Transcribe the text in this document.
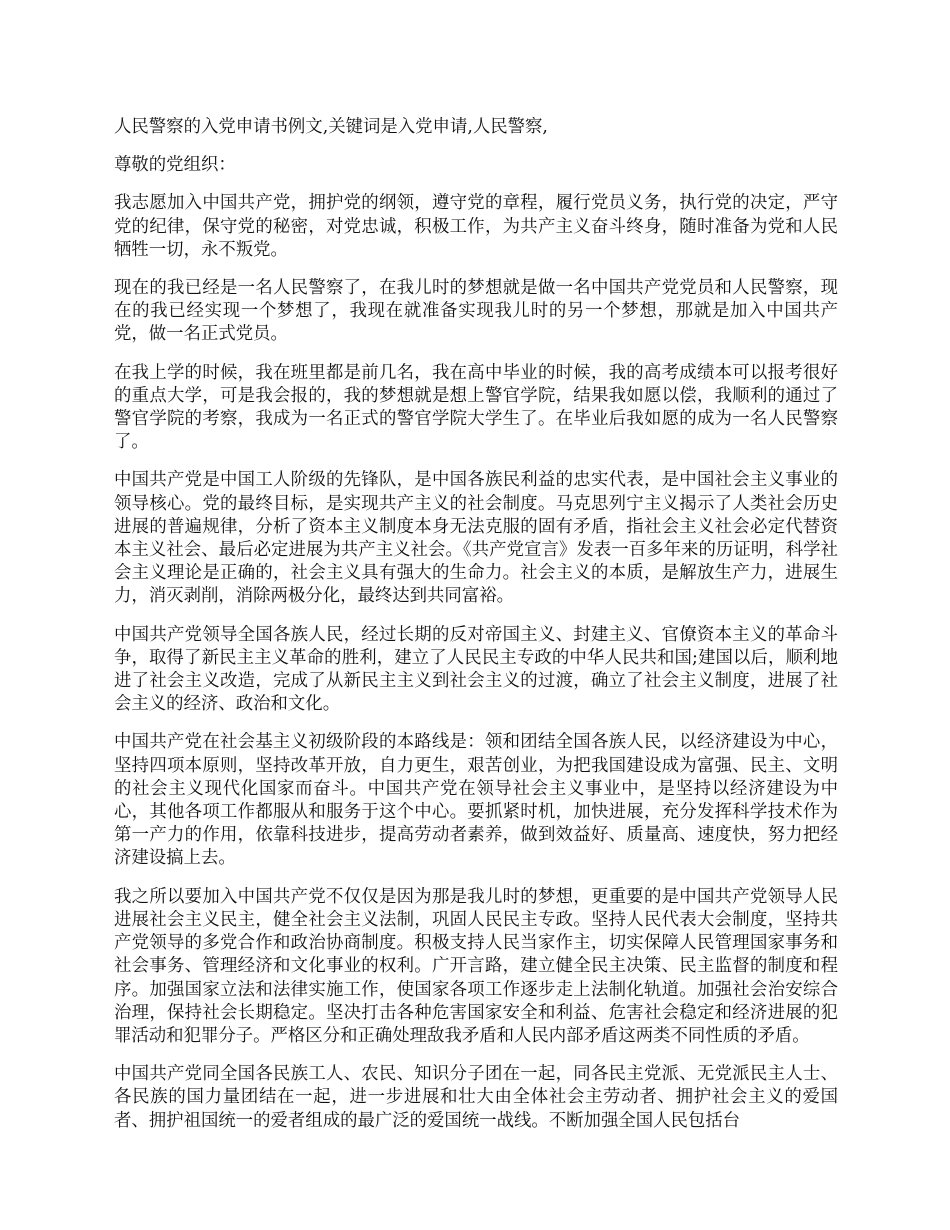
人民警察的入党申请书例文,关键词是入党申请,人民警察,

尊敬的党组织：

我志愿加入中国共产党，拥护党的纲领，遵守党的章程，履行党员义务，执行党的决定，严守党的纪律，保守党的秘密，对党忠诚，积极工作，为共产主义奋斗终身，随时准备为党和人民牺牲一切，永不叛党。

现在的我已经是一名人民警察了，在我儿时的梦想就是做一名中国共产党党员和人民警察，现在的我已经实现一个梦想了，我现在就准备实现我儿时的另一个梦想，那就是加入中国共产党，做一名正式党员。

在我上学的时候，我在班里都是前几名，我在高中毕业的时候，我的高考成绩本可以报考很好的重点大学，可是我会报的，我的梦想就是想上警官学院，结果我如愿以偿，我顺利的通过了警官学院的考察，我成为一名正式的警官学院大学生了。在毕业后我如愿的成为一名人民警察了。

中国共产党是中国工人阶级的先锋队，是中国各族民利益的忠实代表，是中国社会主义事业的领导核心。党的最终目标，是实现共产主义的社会制度。马克思列宁主义揭示了人类社会历史进展的普遍规律，分析了资本主义制度本身无法克服的固有矛盾，指社会主义社会必定代替资本主义社会、最后必定进展为共产主义社会。《共产党宣言》发表一百多年来的历证明，科学社会主义理论是正确的，社会主义具有强大的生命力。社会主义的本质，是解放生产力，进展生力，消灭剥削，消除两极分化，最终达到共同富裕。

中国共产党领导全国各族人民，经过长期的反对帝国主义、封建主义、官僚资本主义的革命斗争，取得了新民主主义革命的胜利，建立了人民民主专政的中华人民共和国;建国以后，顺利地进了社会主义改造，完成了从新民主主义到社会主义的过渡，确立了社会主义制度，进展了社会主义的经济、政治和文化。

中国共产党在社会基主义初级阶段的本路线是：领和团结全国各族人民，以经济建设为中心，坚持四项本原则，坚持改革开放，自力更生，艰苦创业，为把我国建设成为富强、民主、文明的社会主义现代化国家而奋斗。中国共产党在领导社会主义事业中，是坚持以经济建设为中心，其他各项工作都服从和服务于这个中心。要抓紧时机，加快进展，充分发挥科学技术作为第一产力的作用，依靠科技进步，提高劳动者素养，做到效益好、质量高、速度快，努力把经济建设搞上去。

我之所以要加入中国共产党不仅仅是因为那是我儿时的梦想，更重要的是中国共产党领导人民进展社会主义民主，健全社会主义法制，巩固人民民主专政。坚持人民代表大会制度，坚持共产党领导的多党合作和政治协商制度。积极支持人民当家作主，切实保障人民管理国家事务和社会事务、管理经济和文化事业的权利。广开言路，建立健全民主决策、民主监督的制度和程序。加强国家立法和法律实施工作，使国家各项工作逐步走上法制化轨道。加强社会治安综合治理，保持社会长期稳定。坚决打击各种危害国家安全和利益、危害社会稳定和经济进展的犯罪活动和犯罪分子。严格区分和正确处理敌我矛盾和人民内部矛盾这两类不同性质的矛盾。

中国共产党同全国各民族工人、农民、知识分子团在一起，同各民主党派、无党派民主人士、各民族的国力量团结在一起，进一步进展和壮大由全体社会主劳动者、拥护社会主义的爱国者、拥护祖国统一的爱者组成的最广泛的爱国统一战线。不断加强全国人民包括台
